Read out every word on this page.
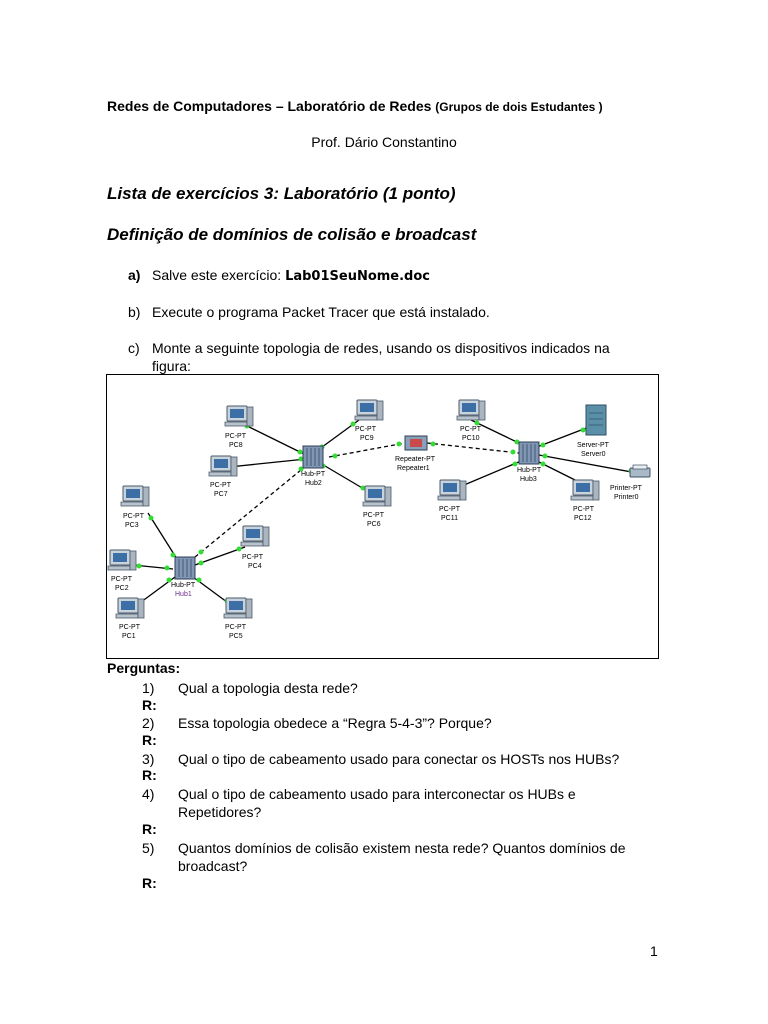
Redes de Computadores – Laboratório de Redes (Grupos de dois Estudantes )
Prof. Dário Constantino
Lista de exercícios 3: Laboratório (1 ponto)
Definição de domínios de colisão e broadcast
a) Salve este exercício: Lab01SeuNome.doc
b) Execute o programa Packet Tracer que está instalado.
c) Monte a seguinte topologia de redes, usando os dispositivos indicados na figura:
PC-PT
PC8
PC-PT
PC7
PC-PT
PC9
PC-PT
PC6
Hub-PT
Hub2
Repeater-PT
Repeater1
PC-PT
PC10
PC-PT
PC11
Hub-PT
Hub3
Server-PT
Server0
PC-PT
PC12
Printer-PT
Printer0
PC-PT
PC3
PC-PT
PC2
PC-PT
PC1
Hub-PT
Hub1
PC-PT
PC4
PC-PT
PC5
Perguntas:
1) Qual a topologia desta rede?
R:
2) Essa topologia obedece a “Regra 5-4-3”? Porque?
R:
3) Qual o tipo de cabeamento usado para conectar os HOSTs nos HUBs?
R:
4) Qual o tipo de cabeamento usado para interconectar os HUBs e Repetidores?
R:
5) Quantos domínios de colisão existem nesta rede? Quantos domínios de broadcast?
R:
1
